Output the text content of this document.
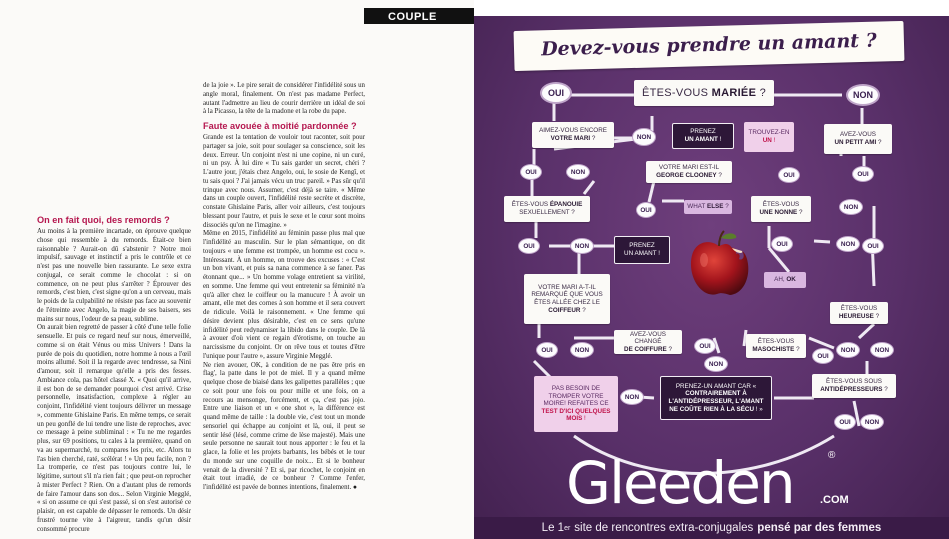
COUPLE
On en fait quoi, des remords ?

Au moins à la première incartade, on éprouve quelque chose qui ressemble à du remords. Était-ce bien raisonnable ? Aurait-on dû s'abstenir ? Notre moi impulsif, sauvage et instinctif a pris le contrôle et ce n'est pas une nouvelle bien rassurante. Le sexe extra conjugal, ce serait comme le chocolat : si on commence, on ne peut plus s'arrêter ? Éprouver des remords, c'est bien, c'est signe qu'on a un cerveau, mais le poids de la culpabilité ne résiste pas face au souvenir de l'étreinte avec Angelo, la magie de ses baisers, ses mains sur nous, l'odeur de sa peau, sublime.

On aurait bien regretté de passer à côté d'une telle folie sensuelle. Et puis ce regard neuf sur nous, émerveillé, comme si on était Vénus ou miss Univers ! Dans la purée de pois du quotidien, notre homme à nous a l'œil moins allumé. Soit il la regarde avec tendresse, sa Nini d'amour, soit il remarque qu'elle a pris des fesses. Ambiance cola, pas hôtel classé X. « Quoi qu'il arrive, il est bon de se demander pourquoi c'est arrivé. Crise personnelle, insatisfaction, complexe à régler au conjoint, l'infidélité vient toujours délivrer un message », commente Ghislaine Paris. En même temps, ce serait un peu gonflé de lui tendre une liste de reproches, avec ce message à peine subliminal : « Tu ne me regardes plus, sur 69 positions, tu cales à la première, quand on va au supermarché, tu compares les prix, etc. Alors tu l'as bien cherché, raté, scélérat ! » Un peu facile, non ? La tromperie, ce n'est pas toujours contre lui, le légitime, surtout s'il n'a rien fait ; que peut-on reprocher à mister Perfect ? Rien. On a d'autant plus de remords de faire l'amour dans son dos... Selon Virginie Megglé, « si on assume ce qui s'est passé, si on s'est autorisé ce plaisir, on est capable de dépasser le remords. Un désir frustré tourne vite à l'aigreur, tandis qu'un désir consommé procure

de la joie ». Le pire serait de considérer l'infidélité sous un angle moral, finalement. On n'est pas madame Perfect, autant l'admettre au lieu de courir derrière un idéal de soi à la Picasso, la tête de la madone et la robe du pape.

Faute avouée à moitié pardonnée ?

Grande est la tentation de vouloir tout raconter, soit pour partager sa joie, soit pour soulager sa conscience, soit les deux. Erreur. Un conjoint n'est ni une copine, ni un curé, ni un psy. À lui dire « Tu sais garder un secret, chéri ? L'autre jour, j'étais chez Angelo, oui, le sosie de Kengî, et tu sais quoi ? J'ai jamais vécu un truc pareil. » Pas sûr qu'il trinque avec nous. Assumer, c'est déjà se taire. « Même dans un couple ouvert, l'infidélité reste secrète et discrète, constate Ghislaine Paris, aller voir ailleurs, c'est toujours blessant pour l'autre, et puis le sexe et le cœur sont moins dissociés qu'on ne l'imagine. »

Même en 2015, l'infidélité au féminin passe plus mal que l'infidélité au masculin. Sur le plan sémantique, on dit toujours « une femme est trompée, un homme est cocu ». Intéressant. À un homme, on trouve des excuses : « C'est un bon vivant, et puis sa nana commence à se faner. Pas étonnant que... » Un homme volage entretient sa virilité, en somme. Une femme qui veut entretenir sa féminité n'a qu'à aller chez le coiffeur ou la manucure ! À avoir un amant, elle met des cornes à son homme et il sera couvert de ridicule. Voilà le raisonnement. « Une femme qui désire devient plus désirable, c'est en ce sens qu'une infidélité peut redynamiser la libido dans le couple. De là à avouer d'où vient ce regain d'érotisme, on touche au narcissisme du conjoint. Or on rêve tous et toutes d'être l'unique pour l'autre », assure Virginie Megglé.

Ne rien avouer, OK, à condition de ne pas être pris en flag', la patte dans le pot de miel. Il y a quand même quelque chose de biaisé dans les galipettes parallèles ; que ce soit pour une fois ou pour mille et une fois, on a recours au mensonge, forcément, et ça, c'est pas jojo. Entre une liaison et un « one shot », la différence est quand même de taille : la double vie, c'est tout un monde sensoriel qui échappe au conjoint et là, oui, il peut se sentir lésé (lésé, comme crime de lèse majesté). Mais une seule personne ne saurait tout nous apporter : le feu et la glace, la folie et les projets barbants, les bébés et le tour du monde sur une coquille de noix... Et si le bonheur venait de la diversité ? Et si, par ricochet, le conjoint en était tout irradié, de ce bonheur ? Comme l'enfer, l'infidélité est pavée de bonnes intentions, finalement. ●

Devez-vous prendre un amant ?
ÊTES-VOUS MARIÉE ?
AIMEZ-VOUS ENCORE
VOTRE MARI ?
PRENEZ
UN AMANT !
TROUVEZ-EN
UN !
AVEZ-VOUS
UN PETIT AMI ?
VOTRE MARI EST-IL
GEORGE CLOONEY ?
ÊTES-VOUS ÉPANOUIE
SEXUELLEMENT ?
WHAT ELSE ?	ÊTES-VOUS
UNE NONNE ?
PRENEZ
UN AMANT !
AH, OK
VOTRE MARI A-T-IL REMARQUÉ QUE VOUS ÊTES ALLÉE CHEZ LE COIFFEUR ?	ÊTES-VOUS
HEUREUSE ?
AVEZ-VOUS CHANGÉ
DE COIFFURE ?
ÊTES-VOUS
MASOCHISTE ?
PAS BESOIN DE TROMPER VOTRE MOIRE! REFAITES CE TEST D'ICI QUELQUES MOIS !
PRENEZ-UN AMANT CAR « CONTRAIREMENT À L'ANTIDÉPRESSEUR, L'AMANT NE COÛTE RIEN À LA SÉCU ! »
ÊTES-VOUS SOUS
ANTIDÉPRESSEURS ?
OUI	NON
NON
OUI	NON	OUI	OUI
OUI	NON
OUI	NON	OUI	NON	OUI
OUI	NON
OUI
NON
OUI
NON	NON
NON
OUI	NON
Gleeden	®
.COM
Le 1 er site de rencontres extra-conjugales pensé par des femmes
